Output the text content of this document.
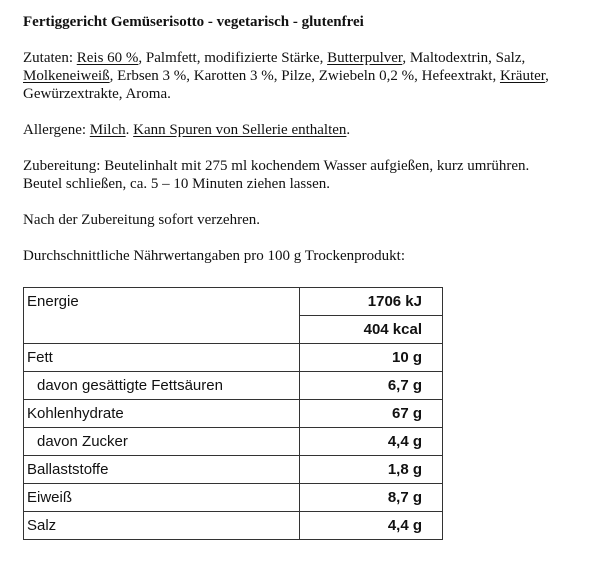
Fertiggericht Gemüserisotto - vegetarisch - glutenfrei

Zutaten: Reis 60 %, Palmfett, modifizierte Stärke, Butterpulver, Maltodextrin, Salz, Molkeneiweiß, Erbsen 3 %, Karotten 3 %, Pilze, Zwiebeln 0,2 %, Hefeextrakt, Kräuter, Gewürzextrakte, Aroma.

Allergene: Milch. Kann Spuren von Sellerie enthalten.

Zubereitung: Beutelinhalt mit 275 ml kochendem Wasser aufgießen, kurz umrühren.

Beutel schließen, ca. 5 – 10 Minuten ziehen lassen.

Nach der Zubereitung sofort verzehren.

Durchschnittliche Nährwertangaben pro 100 g Trockenprodukt:

Energie	1706 kJ
	404 kcal
Fett	10 g
davon gesättigte Fettsäuren	6,7 g
Kohlenhydrate	67 g
davon Zucker	4,4 g
Ballaststoffe	1,8 g
Eiweiß	8,7 g
Salz	4,4 g
